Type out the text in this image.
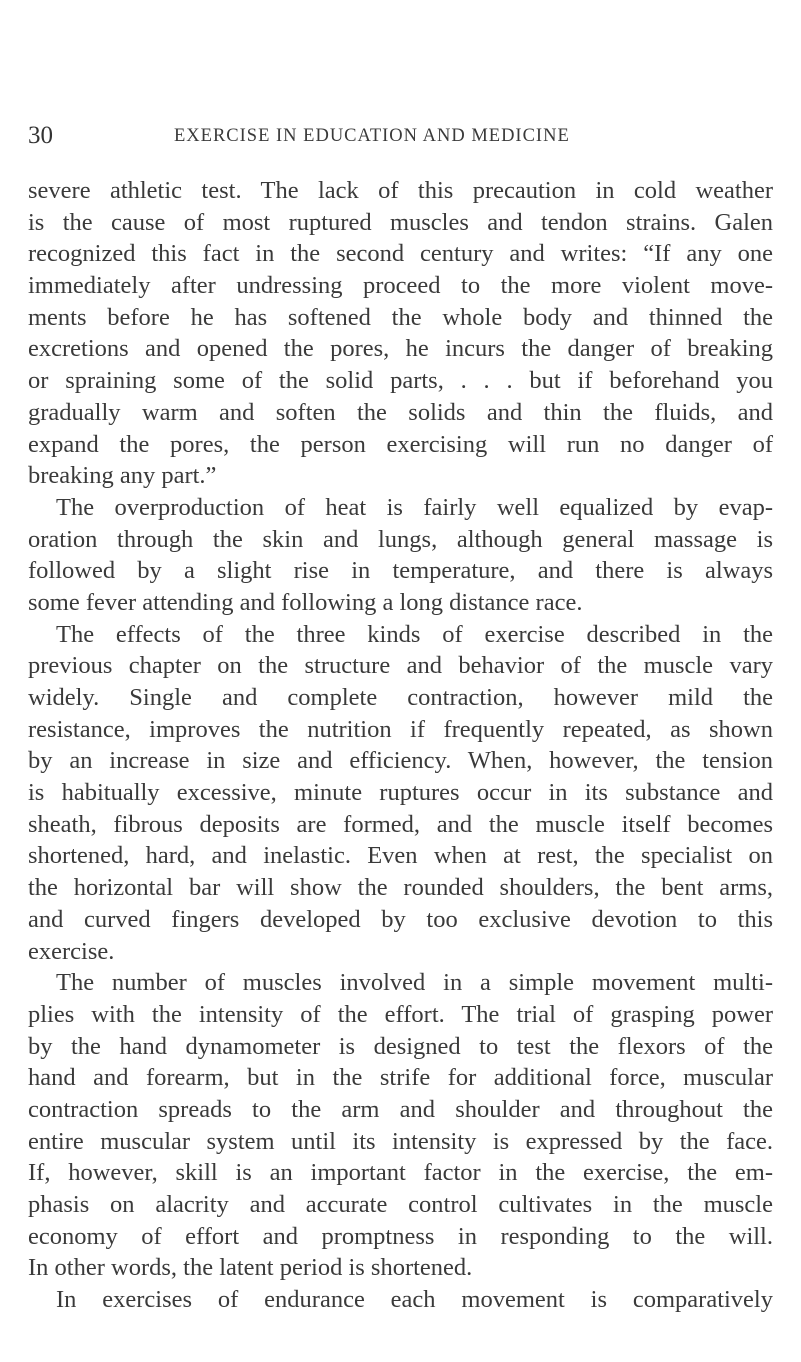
30	EXERCISE IN EDUCATION AND MEDICINE
severe athletic test. The lack of this precaution in cold weather
is the cause of most ruptured muscles and tendon strains. Galen
recognized this fact in the second century and writes: “If any one
immediately after undressing proceed to the more violent move-
ments before he has softened the whole body and thinned the
excretions and opened the pores, he incurs the danger of breaking
or spraining some of the solid parts, . . . but if beforehand you
gradually warm and soften the solids and thin the fluids, and
expand the pores, the person exercising will run no danger of
breaking any part.”
The overproduction of heat is fairly well equalized by evap-
oration through the skin and lungs, although general massage is
followed by a slight rise in temperature, and there is always
some fever attending and following a long distance race.
The effects of the three kinds of exercise described in the
previous chapter on the structure and behavior of the muscle vary
widely. Single and complete contraction, however mild the
resistance, improves the nutrition if frequently repeated, as shown
by an increase in size and efficiency. When, however, the tension
is habitually excessive, minute ruptures occur in its substance and
sheath, fibrous deposits are formed, and the muscle itself becomes
shortened, hard, and inelastic. Even when at rest, the specialist on
the horizontal bar will show the rounded shoulders, the bent arms,
and curved fingers developed by too exclusive devotion to this
exercise.
The number of muscles involved in a simple movement multi-
plies with the intensity of the effort. The trial of grasping power
by the hand dynamometer is designed to test the flexors of the
hand and forearm, but in the strife for additional force, muscular
contraction spreads to the arm and shoulder and throughout the
entire muscular system until its intensity is expressed by the face.
If, however, skill is an important factor in the exercise, the em-
phasis on alacrity and accurate control cultivates in the muscle
economy of effort and promptness in responding to the will.
In other words, the latent period is shortened.
In exercises of endurance each movement is comparatively
